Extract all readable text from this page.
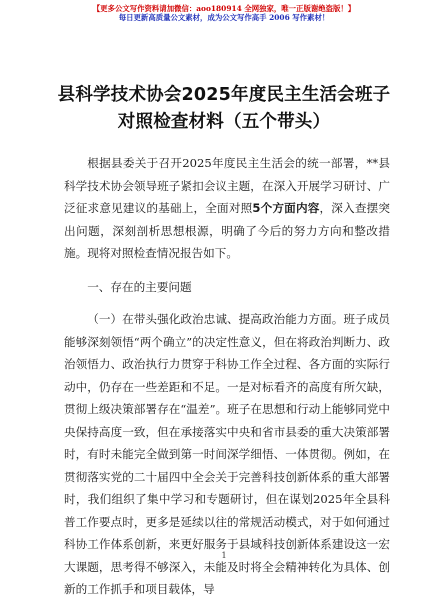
【更多公文写作资料请加微信：aoo180914 全网独家，唯一正版谢绝盗版！】
每日更新高质量公文素材，成为公文写作高手 2006 写作素材！
县科学技术协会2025年度民主生活会班子对照检查材料（五个带头）

根据县委关于召开2025年度民主生活会的统一部署，**县科学技术协会领导班子紧扣会议主题，在深入开展学习研讨、广泛征求意见建议的基础上，全面对照5个方面内容，深入查摆突出问题，深刻剖析思想根源，明确了今后的努力方向和整改措施。现将对照检查情况报告如下。

一、存在的主要问题

（一）在带头强化政治忠诚、提高政治能力方面。班子成员能够深刻领悟“两个确立”的决定性意义，但在将政治判断力、政治领悟力、政治执行力贯穿于科协工作全过程、各方面的实际行动中，仍存在一些差距和不足。一是对标看齐的高度有所欠缺，贯彻上级决策部署存在“温差”。班子在思想和行动上能够同党中央保持高度一致，但在承接落实中央和省市县委的重大决策部署时，有时未能完全做到第一时间深学细悟、一体贯彻。例如，在贯彻落实党的二十届四中全会关于完善科技创新体系的重大部署时，我们组织了集中学习和专题研讨，但在谋划2025年全县科普工作要点时，更多是延续以往的常规活动模式，对于如何通过科协工作体系创新，来更好服务于县域科技创新体系建设这一宏大课题，思考得不够深入，未能及时将全会精神转化为具体、创新的工作抓手和项目载体，导

1
